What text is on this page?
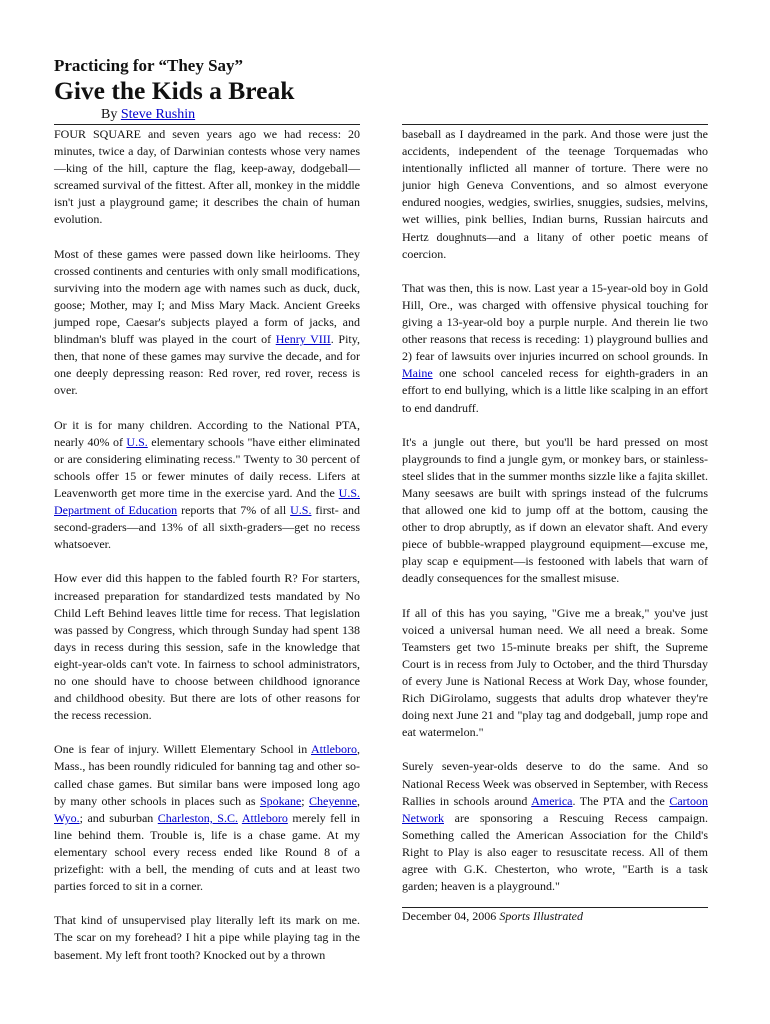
Practicing for “They Say”
Give the Kids a Break
By Steve Rushin

FOUR SQUARE and seven years ago we had recess: 20 minutes, twice a day, of Darwinian contests whose very names—king of the hill, capture the flag, keep-away, dodgeball—screamed survival of the fittest. After all, monkey in the middle isn't just a playground game; it describes the chain of human evolution.

Most of these games were passed down like heirlooms. They crossed continents and centuries with only small modifications, surviving into the modern age with names such as duck, duck, goose; Mother, may I; and Miss Mary Mack. Ancient Greeks jumped rope, Caesar's subjects played a form of jacks, and blindman's bluff was played in the court of Henry VIII. Pity, then, that none of these games may survive the decade, and for one deeply depressing reason: Red rover, red rover, recess is over.

Or it is for many children. According to the National PTA, nearly 40% of U.S. elementary schools "have either eliminated or are considering eliminating recess." Twenty to 30 percent of schools offer 15 or fewer minutes of daily recess. Lifers at Leavenworth get more time in the exercise yard. And the U.S. Department of Education reports that 7% of all U.S. first- and second-graders—and 13% of all sixth-graders—get no recess whatsoever.

How ever did this happen to the fabled fourth R? For starters, increased preparation for standardized tests mandated by No Child Left Behind leaves little time for recess. That legislation was passed by Congress, which through Sunday had spent 138 days in recess during this session, safe in the knowledge that eight-year-olds can't vote. In fairness to school administrators, no one should have to choose between childhood ignorance and childhood obesity. But there are lots of other reasons for the recess recession.

One is fear of injury. Willett Elementary School in Attleboro, Mass., has been roundly ridiculed for banning tag and other so-called chase games. But similar bans were imposed long ago by many other schools in places such as Spokane; Cheyenne, Wyo.; and suburban Charleston, S.C. Attleboro merely fell in line behind them. Trouble is, life is a chase game. At my elementary school every recess ended like Round 8 of a prizefight: with a bell, the mending of cuts and at least two parties forced to sit in a corner.

That kind of unsupervised play literally left its mark on me. The scar on my forehead? I hit a pipe while playing tag in the basement. My left front tooth? Knocked out by a thrown

baseball as I daydreamed in the park. And those were just the accidents, independent of the teenage Torquemadas who intentionally inflicted all manner of torture. There were no junior high Geneva Conventions, and so almost everyone endured noogies, wedgies, swirlies, snuggies, sudsies, melvins, wet willies, pink bellies, Indian burns, Russian haircuts and Hertz doughnuts—and a litany of other poetic means of coercion.

That was then, this is now. Last year a 15-year-old boy in Gold Hill, Ore., was charged with offensive physical touching for giving a 13-year-old boy a purple nurple. And therein lie two other reasons that recess is receding: 1) playground bullies and 2) fear of lawsuits over injuries incurred on school grounds. In Maine one school canceled recess for eighth-graders in an effort to end bullying, which is a little like scalping in an effort to end dandruff.

It's a jungle out there, but you'll be hard pressed on most playgrounds to find a jungle gym, or monkey bars, or stainless-steel slides that in the summer months sizzle like a fajita skillet. Many seesaws are built with springs instead of the fulcrums that allowed one kid to jump off at the bottom, causing the other to drop abruptly, as if down an elevator shaft. And every piece of bubble-wrapped playground equipment—excuse me, play scap e equipment—is festooned with labels that warn of deadly consequences for the smallest misuse.

If all of this has you saying, "Give me a break," you've just voiced a universal human need. We all need a break. Some Teamsters get two 15-minute breaks per shift, the Supreme Court is in recess from July to October, and the third Thursday of every June is National Recess at Work Day, whose founder, Rich DiGirolamo, suggests that adults drop whatever they're doing next June 21 and "play tag and dodgeball, jump rope and eat watermelon."

Surely seven-year-olds deserve to do the same. And so National Recess Week was observed in September, with Recess Rallies in schools around America. The PTA and the Cartoon Network are sponsoring a Rescuing Recess campaign. Something called the American Association for the Child's Right to Play is also eager to resuscitate recess. All of them agree with G.K. Chesterton, who wrote, "Earth is a task garden; heaven is a playground."

December 04, 2006 Sports Illustrated
